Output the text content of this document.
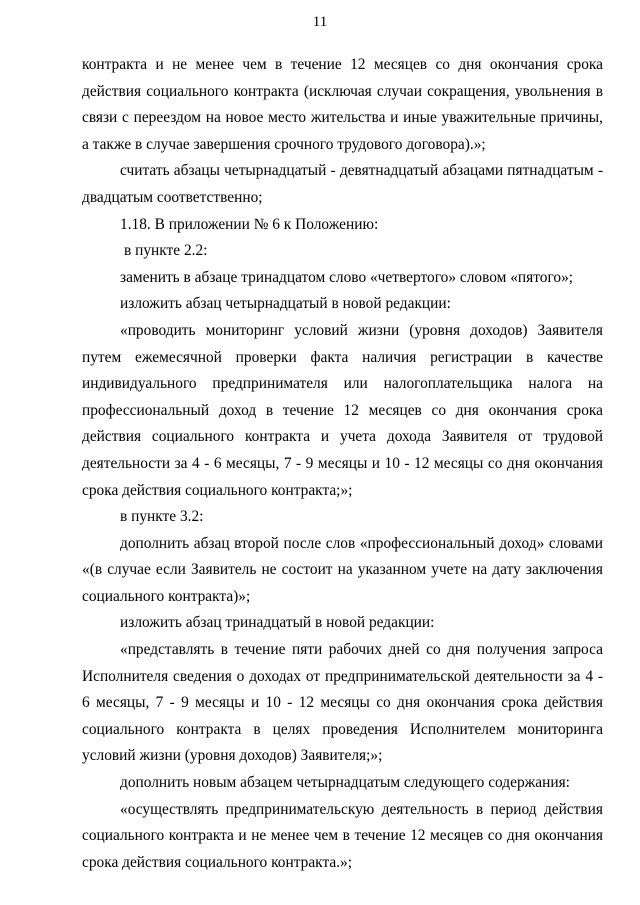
11

контракта и не менее чем в течение 12 месяцев со дня окончания срока действия социального контракта (исключая случаи сокращения, увольнения в связи с переездом на новое место жительства и иные уважительные причины, а также в случае завершения срочного трудового договора).»;

считать абзацы четырнадцатый - девятнадцатый абзацами пятнадцатым - двадцатым соответственно;

1.18. В приложении № 6 к Положению:

в пункте 2.2:

заменить в абзаце тринадцатом слово «четвертого» словом «пятого»;

изложить абзац четырнадцатый в новой редакции:

«проводить мониторинг условий жизни (уровня доходов) Заявителя путем ежемесячной проверки факта наличия регистрации в качестве индивидуального предпринимателя или налогоплательщика налога на профессиональный доход в течение 12 месяцев со дня окончания срока действия социального контракта и учета дохода Заявителя от трудовой деятельности за 4 - 6 месяцы, 7 - 9 месяцы и 10 - 12 месяцы со дня окончания срока действия социального контракта;»;

в пункте 3.2:

дополнить абзац второй после слов «профессиональный доход» словами «(в случае если Заявитель не состоит на указанном учете на дату заключения социального контракта)»;

изложить абзац тринадцатый в новой редакции:

«представлять в течение пяти рабочих дней со дня получения запроса Исполнителя сведения о доходах от предпринимательской деятельности за 4 - 6 месяцы, 7 - 9 месяцы и 10 - 12 месяцы со дня окончания срока действия социального контракта в целях проведения Исполнителем мониторинга условий жизни (уровня доходов) Заявителя;»;

дополнить новым абзацем четырнадцатым следующего содержания:

«осуществлять предпринимательскую деятельность в период действия социального контракта и не менее чем в течение 12 месяцев со дня окончания срока действия социального контракта.»;
